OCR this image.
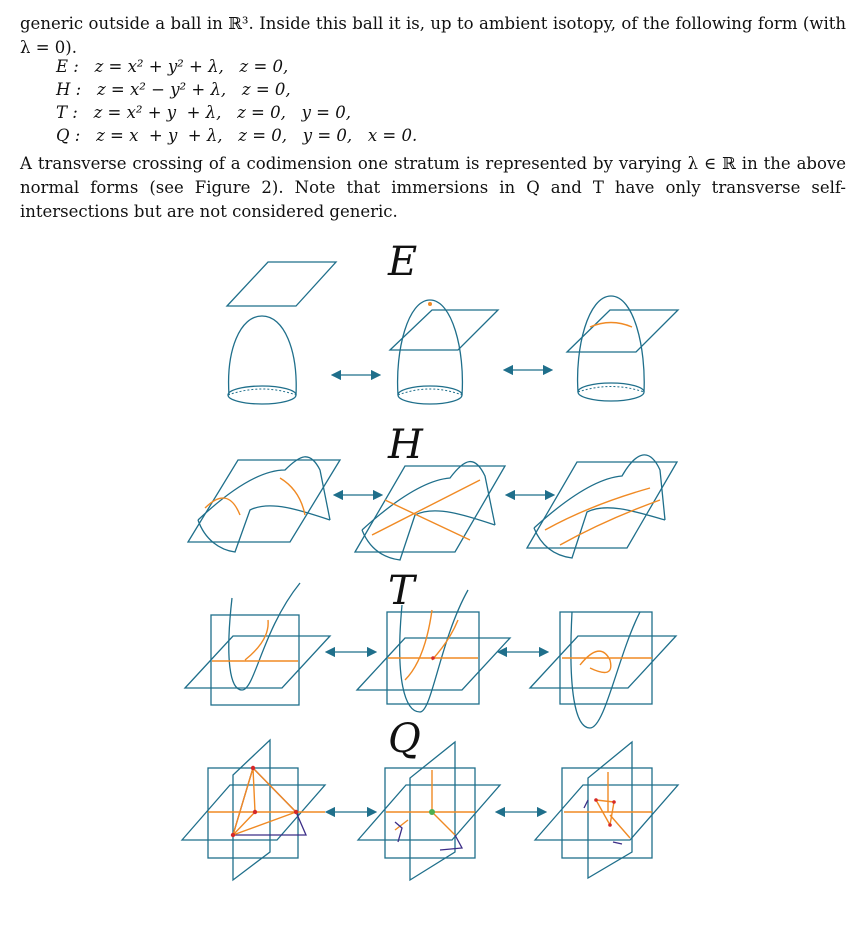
generic outside a ball in ℝ³. Inside this ball it is, up to ambient isotopy, of the following form (with λ = 0).
E : z = x² + y² + λ,   z = 0,
H : z = x² − y² + λ,   z = 0,
T : z = x² + y  + λ,   z = 0,   y = 0,
Q : z = x  + y  + λ,   z = 0,   y = 0,   x = 0.
A transverse crossing of a codimension one stratum is represented by varying λ ∈ ℝ in the above normal forms (see Figure 2). Note that immersions in Q and T have only transverse self-intersections but are not considered generic.
E
H
T
Q
